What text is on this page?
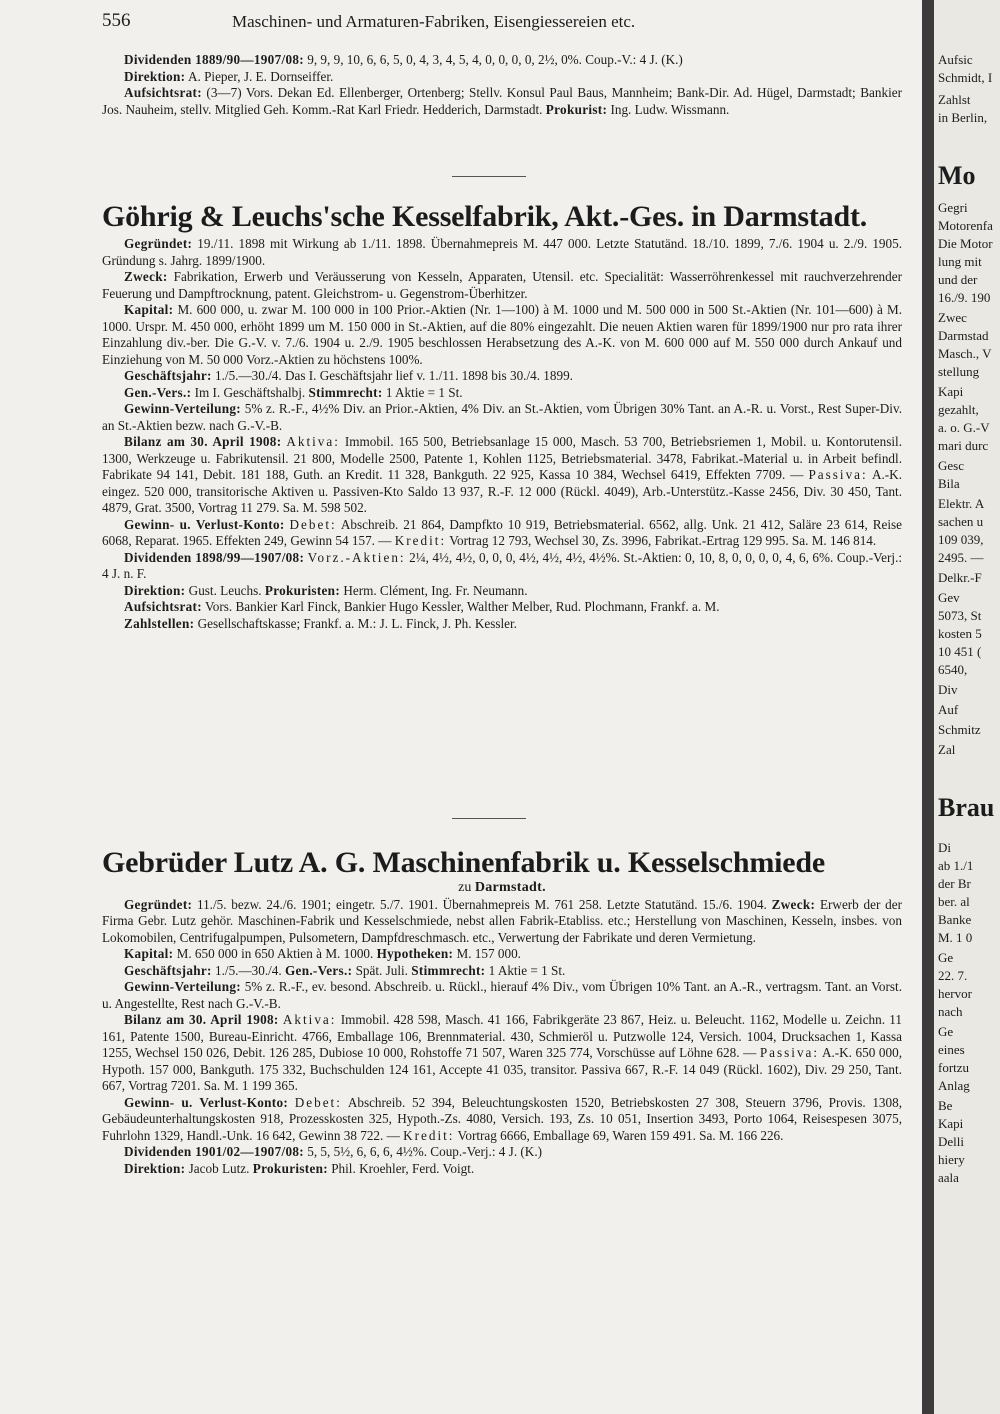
556	Maschinen- und Armaturen-Fabriken, Eisengiessereien etc.

Dividenden 1889/90—1907/08: 9, 9, 9, 10, 6, 6, 5, 0, 4, 3, 4, 5, 4, 0, 0, 0, 0, 2½, 0%. Coup.-V.: 4 J. (K.)

Direktion: A. Pieper, J. E. Dornseiffer.

Aufsichtsrat: (3—7) Vors. Dekan Ed. Ellenberger, Ortenberg; Stellv. Konsul Paul Baus, Mannheim; Bank-Dir. Ad. Hügel, Darmstadt; Bankier Jos. Nauheim, stellv. Mitglied Geh. Komm.-Rat Karl Friedr. Hedderich, Darmstadt. Prokurist: Ing. Ludw. Wissmann.

Göhrig & Leuchs'sche Kesselfabrik, Akt.-Ges. in Darmstadt.

Gegründet: 19./11. 1898 mit Wirkung ab 1./11. 1898. Übernahmepreis M. 447 000. Letzte Statutänd. 18./10. 1899, 7./6. 1904 u. 2./9. 1905. Gründung s. Jahrg. 1899/1900.

Zweck: Fabrikation, Erwerb und Veräusserung von Kesseln, Apparaten, Utensil. etc. Specialität: Wasserröhrenkessel mit rauchverzehrender Feuerung und Dampftrocknung, patent. Gleichstrom- u. Gegenstrom-Überhitzer.

Kapital: M. 600 000, u. zwar M. 100 000 in 100 Prior.-Aktien (Nr. 1—100) à M. 1000 und M. 500 000 in 500 St.-Aktien (Nr. 101—600) à M. 1000. Urspr. M. 450 000, erhöht 1899 um M. 150 000 in St.-Aktien, auf die 80% eingezahlt. Die neuen Aktien waren für 1899/1900 nur pro rata ihrer Einzahlung div.-ber. Die G.-V. v. 7./6. 1904 u. 2./9. 1905 beschlossen Herabsetzung des A.-K. von M. 600 000 auf M. 550 000 durch Ankauf und Einziehung von M. 50 000 Vorz.-Aktien zu höchstens 100%.

Geschäftsjahr: 1./5.—30./4. Das I. Geschäftsjahr lief v. 1./11. 1898 bis 30./4. 1899.

Gen.-Vers.: Im I. Geschäftshalbj. Stimmrecht: 1 Aktie = 1 St.

Gewinn-Verteilung: 5% z. R.-F., 4½% Div. an Prior.-Aktien, 4% Div. an St.-Aktien, vom Übrigen 30% Tant. an A.-R. u. Vorst., Rest Super-Div. an St.-Aktien bezw. nach G.-V.-B.

Bilanz am 30. April 1908: Aktiva: Immobil. 165 500, Betriebsanlage 15 000, Masch. 53 700, Betriebsriemen 1, Mobil. u. Kontorutensil. 1300, Werkzeuge u. Fabrikutensil. 21 800, Modelle 2500, Patente 1, Kohlen 1125, Betriebsmaterial. 3478, Fabrikat.-Material u. in Arbeit befindl. Fabrikate 94 141, Debit. 181 188, Guth. an Kredit. 11 328, Bankguth. 22 925, Kassa 10 384, Wechsel 6419, Effekten 7709. — Passiva: A.-K. eingez. 520 000, transitorische Aktiven u. Passiven-Kto Saldo 13 937, R.-F. 12 000 (Rückl. 4049), Arb.-Unterstütz.-Kasse 2456, Div. 30 450, Tant. 4879, Grat. 3500, Vortrag 11 279. Sa. M. 598 502.

Gewinn- u. Verlust-Konto: Debet: Abschreib. 21 864, Dampfkto 10 919, Betriebsmaterial. 6562, allg. Unk. 21 412, Saläre 23 614, Reise 6068, Reparat. 1965. Effekten 249, Gewinn 54 157. — Kredit: Vortrag 12 793, Wechsel 30, Zs. 3996, Fabrikat.-Ertrag 129 995. Sa. M. 146 814.

Dividenden 1898/99—1907/08: Vorz.-Aktien: 2¼, 4½, 4½, 0, 0, 0, 4½, 4½, 4½, 4½%. St.-Aktien: 0, 10, 8, 0, 0, 0, 0, 4, 6, 6%. Coup.-Verj.: 4 J. n. F.

Direktion: Gust. Leuchs. Prokuristen: Herm. Clément, Ing. Fr. Neumann.

Aufsichtsrat: Vors. Bankier Karl Finck, Bankier Hugo Kessler, Walther Melber, Rud. Plochmann, Frankf. a. M.

Zahlstellen: Gesellschaftskasse; Frankf. a. M.: J. L. Finck, J. Ph. Kessler.

Gebrüder Lutz A. G. Maschinenfabrik u. Kesselschmiede

zu Darmstadt.

Gegründet: 11./5. bezw. 24./6. 1901; eingetr. 5./7. 1901. Übernahmepreis M. 761 258. Letzte Statutänd. 15./6. 1904. Zweck: Erwerb der der Firma Gebr. Lutz gehör. Maschinen-Fabrik und Kesselschmiede, nebst allen Fabrik-Etabliss. etc.; Herstellung von Maschinen, Kesseln, insbes. von Lokomobilen, Centrifugalpumpen, Pulsometern, Dampfdreschmasch. etc., Verwertung der Fabrikate und deren Vermietung.

Kapital: M. 650 000 in 650 Aktien à M. 1000. Hypotheken: M. 157 000.

Geschäftsjahr: 1./5.—30./4. Gen.-Vers.: Spät. Juli. Stimmrecht: 1 Aktie = 1 St.

Gewinn-Verteilung: 5% z. R.-F., ev. besond. Abschreib. u. Rückl., hierauf 4% Div., vom Übrigen 10% Tant. an A.-R., vertragsm. Tant. an Vorst. u. Angestellte, Rest nach G.-V.-B.

Bilanz am 30. April 1908: Aktiva: Immobil. 428 598, Masch. 41 166, Fabrikgeräte 23 867, Heiz. u. Beleucht. 1162, Modelle u. Zeichn. 11 161, Patente 1500, Bureau-Einricht. 4766, Emballage 106, Brennmaterial. 430, Schmieröl u. Putzwolle 124, Versich. 1004, Drucksachen 1, Kassa 1255, Wechsel 150 026, Debit. 126 285, Dubiose 10 000, Rohstoffe 71 507, Waren 325 774, Vorschüsse auf Löhne 628. — Passiva: A.-K. 650 000, Hypoth. 157 000, Bankguth. 175 332, Buchschulden 124 161, Accepte 41 035, transitor. Passiva 667, R.-F. 14 049 (Rückl. 1602), Div. 29 250, Tant. 667, Vortrag 7201. Sa. M. 1 199 365.

Gewinn- u. Verlust-Konto: Debet: Abschreib. 52 394, Beleuchtungskosten 1520, Betriebskosten 27 308, Steuern 3796, Provis. 1308, Gebäudeunterhaltungskosten 918, Prozesskosten 325, Hypoth.-Zs. 4080, Versich. 193, Zs. 10 051, Insertion 3493, Porto 1064, Reisespesen 3075, Fuhrlohn 1329, Handl.-Unk. 16 642, Gewinn 38 722. — Kredit: Vortrag 6666, Emballage 69, Waren 159 491. Sa. M. 166 226.

Dividenden 1901/02—1907/08: 5, 5, 5½, 6, 6, 6, 4½%. Coup.-Verj.: 4 J. (K.)

Direktion: Jacob Lutz. Prokuristen: Phil. Kroehler, Ferd. Voigt.

Aufsic

Schmidt, I

Zahlst

in Berlin,

Mo

Gegri

Motorenfa

Die Motor

lung mit

und der

16./9. 190

Zwec

Darmstad

Masch., V

stellung

Kapi

gezahlt,

a. o. G.-V

mari durc

Gesc

Bila

Elektr. A

sachen u

109 039,

2495. —

Delkr.-F

Gev

5073, St

kosten 5

10 451 (

6540,

Div

Auf

Schmitz

Zal

Brau

Di

ab 1./1

der Br

ber. al

Banke

M. 1 0

Ge

22. 7.

hervor

nach

Ge

eines

fortzu

Anlag

Be

Kapi

Delli

hiery

aala
